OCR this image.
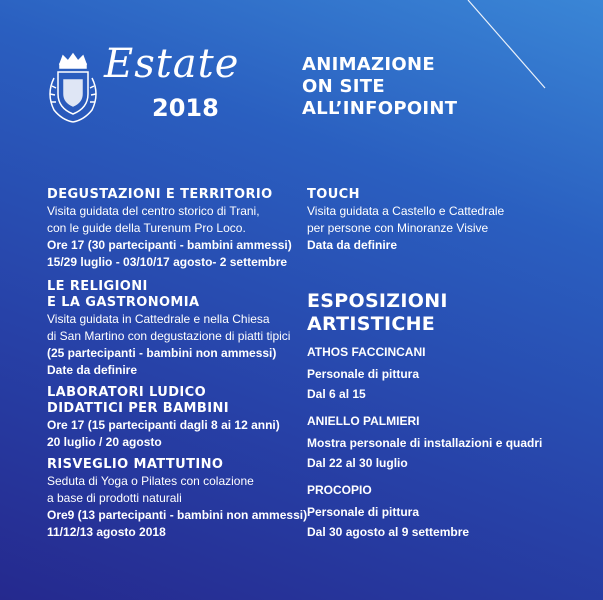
Estate
2018
ANIMAZIONE
ON SITE
ALL’INFOPOINT
DEGUSTAZIONI E TERRITORIO
Visita guidata del centro storico di Trani,
con le guide della Turenum Pro Loco.
Ore 17 (30 partecipanti - bambini ammessi)
15/29 luglio - 03/10/17 agosto- 2 settembre
LE RELIGIONI
E LA GASTRONOMIA
Visita guidata in Cattedrale e nella Chiesa
di San Martino con degustazione di piatti tipici
(25 partecipanti - bambini non ammessi)
Date da definire
LABORATORI LUDICO
DIDATTICI PER BAMBINI
Ore 17 (15 partecipanti dagli 8 ai 12 anni)
20 luglio / 20 agosto
RISVEGLIO MATTUTINO
Seduta di Yoga o Pilates con colazione
a base di prodotti naturali
Ore9 (13 partecipanti - bambini non ammessi)
11/12/13 agosto 2018
TOUCH
Visita guidata a Castello e Cattedrale
per persone con Minoranze Visive
Data da definire
ESPOSIZIONI
ARTISTICHE
ATHOS FACCINCANI
Personale di pittura
Dal 6 al 15
ANIELLO PALMIERI
Mostra personale di installazioni e quadri
Dal 22 al 30 luglio
PROCOPIO
Personale di pittura
Dal 30 agosto al 9 settembre
